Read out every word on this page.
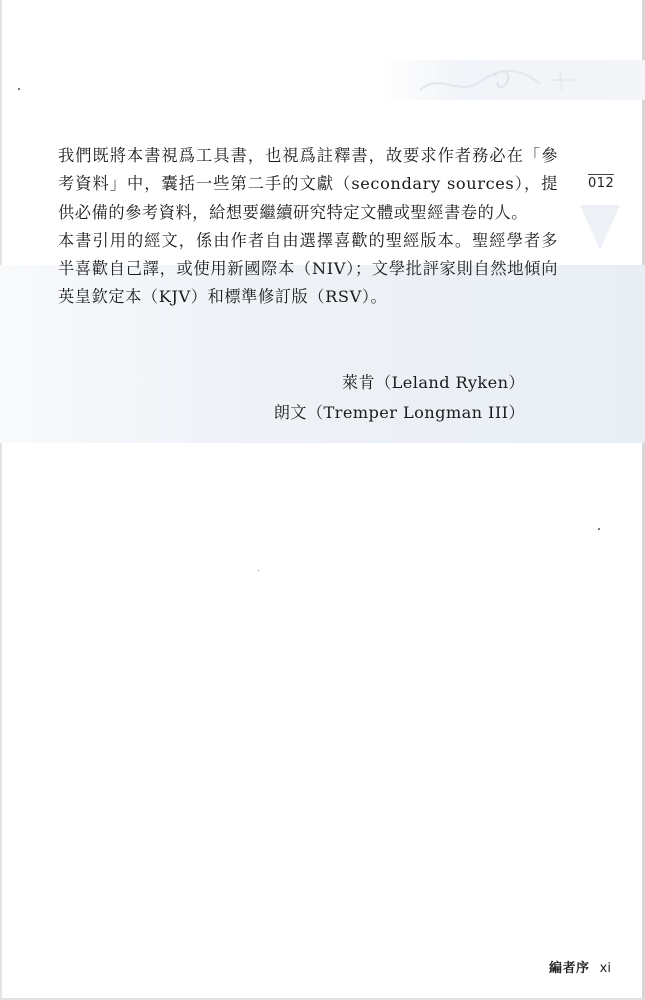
012

我們既將本書視爲工具書，也視爲註釋書，故要求作者務必在「參考資料」中，囊括一些第二手的文獻（secondary sources），提供必備的參考資料，給想要繼續研究特定文體或聖經書卷的人。

本書引用的經文，係由作者自由選擇喜歡的聖經版本。聖經學者多半喜歡自己譯，或使用新國際本（NIV）；文學批評家則自然地傾向英皇欽定本（KJV）和標準修訂版（RSV）。

萊肯（Leland Ryken）

朗文（Tremper Longman III）

編者序 xi
